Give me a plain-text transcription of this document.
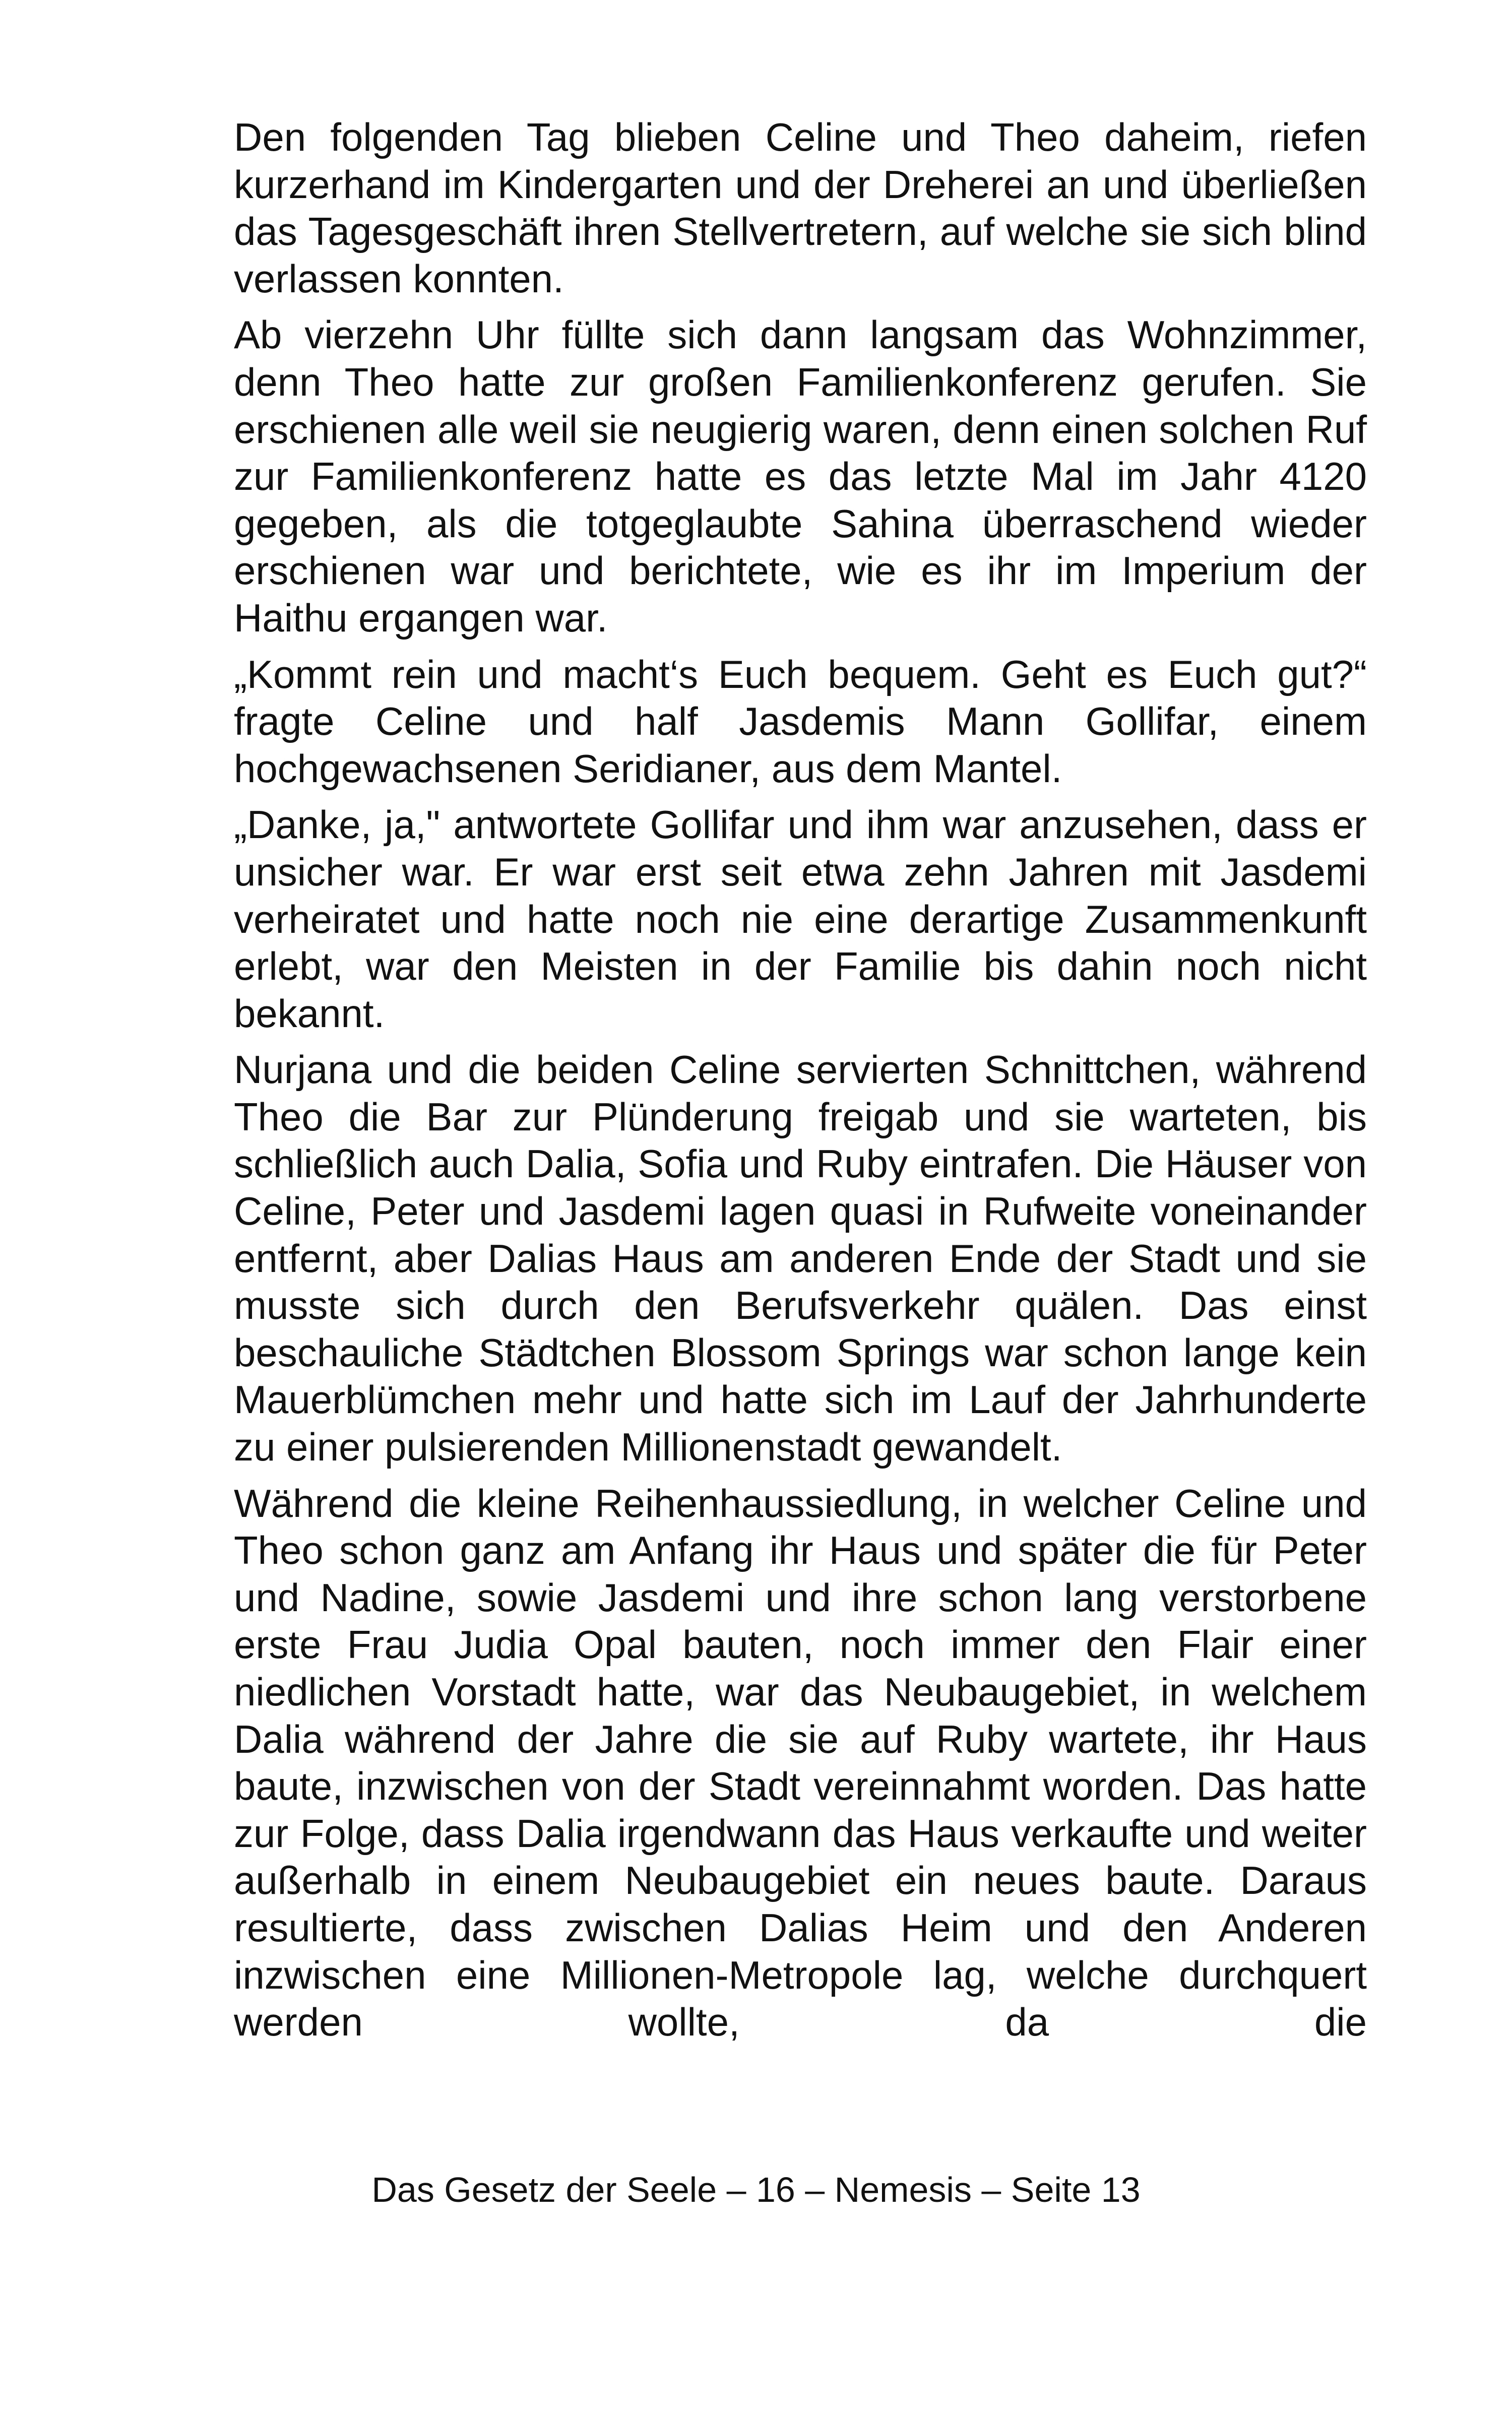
Den folgenden Tag blieben Celine und Theo daheim, riefen kurzerhand im Kindergarten und der Dreherei an und überließen das Tagesgeschäft ihren Stellvertretern, auf welche sie sich blind verlassen konnten.

Ab vierzehn Uhr füllte sich dann langsam das Wohnzimmer, denn Theo hatte zur großen Familienkonferenz gerufen. Sie erschienen alle weil sie neugierig waren, denn einen solchen Ruf zur Familienkonferenz hatte es das letzte Mal im Jahr 4120 gegeben, als die totgeglaubte Sahina überraschend wieder erschienen war und berichtete, wie es ihr im Imperium der Haithu ergangen war.

„Kommt rein und macht‘s Euch bequem. Geht es Euch gut?“ fragte Celine und half Jasdemis Mann Gollifar, einem hochgewachsenen Seridianer, aus dem Mantel.

„Danke, ja," antwortete Gollifar und ihm war anzusehen, dass er unsicher war. Er war erst seit etwa zehn Jahren mit Jasdemi verheiratet und hatte noch nie eine derartige Zusammenkunft erlebt, war den Meisten in der Familie bis dahin noch nicht bekannt.

Nurjana und die beiden Celine servierten Schnittchen, während Theo die Bar zur Plünderung freigab und sie warteten, bis schließlich auch Dalia, Sofia und Ruby eintrafen. Die Häuser von Celine, Peter und Jasdemi lagen quasi in Rufweite voneinander entfernt, aber Dalias Haus am anderen Ende der Stadt und sie musste sich durch den Berufsverkehr quälen. Das einst beschauliche Städtchen Blossom Springs war schon lange kein Mauerblümchen mehr und hatte sich im Lauf der Jahrhunderte zu einer pulsierenden Millionenstadt gewandelt.

Während die kleine Reihenhaussiedlung, in welcher Celine und Theo schon ganz am Anfang ihr Haus und später die für Peter und Nadine, sowie Jasdemi und ihre schon lang verstorbene erste Frau Judia Opal bauten, noch immer den Flair einer niedlichen Vorstadt hatte, war das Neubaugebiet, in welchem Dalia während der Jahre die sie auf Ruby wartete, ihr Haus baute, inzwischen von der Stadt vereinnahmt worden. Das hatte zur Folge, dass Dalia irgendwann das Haus verkaufte und weiter außerhalb in einem Neubaugebiet ein neues baute. Daraus resultierte, dass zwischen Dalias Heim und den Anderen inzwischen eine Millionen-Metropole lag, welche durchquert werden wollte, da die

Das Gesetz der Seele – 16 – Nemesis – Seite 13
